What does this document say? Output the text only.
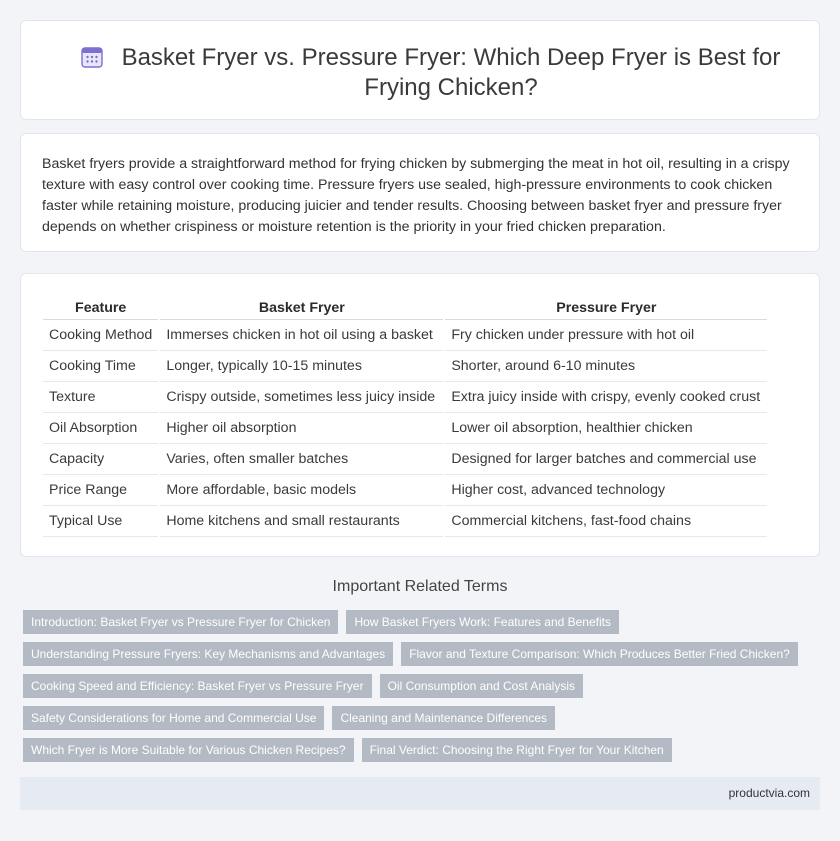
Basket Fryer vs. Pressure Fryer: Which Deep Fryer is Best for Frying Chicken?

Basket fryers provide a straightforward method for frying chicken by submerging the meat in hot oil, resulting in a crispy texture with easy control over cooking time. Pressure fryers use sealed, high-pressure environments to cook chicken faster while retaining moisture, producing juicier and tender results. Choosing between basket fryer and pressure fryer depends on whether crispiness or moisture retention is the priority in your fried chicken preparation.

Feature		Basket Fryer		Pressure Fryer
Cooking Method		Immerses chicken in hot oil using a basket		Fry chicken under pressure with hot oil
Cooking Time		Longer, typically 10-15 minutes		Shorter, around 6-10 minutes
Texture		Crispy outside, sometimes less juicy inside		Extra juicy inside with crispy, evenly cooked crust
Oil Absorption		Higher oil absorption		Lower oil absorption, healthier chicken
Capacity		Varies, often smaller batches		Designed for larger batches and commercial use
Price Range		More affordable, basic models		Higher cost, advanced technology
Typical Use		Home kitchens and small restaurants		Commercial kitchens, fast-food chains
Important Related Terms
Introduction: Basket Fryer vs Pressure Fryer for Chicken	How Basket Fryers Work: Features and Benefits
Understanding Pressure Fryers: Key Mechanisms and Advantages	Flavor and Texture Comparison: Which Produces Better Fried Chicken?
Cooking Speed and Efficiency: Basket Fryer vs Pressure Fryer	Oil Consumption and Cost Analysis
Safety Considerations for Home and Commercial Use	Cleaning and Maintenance Differences
Which Fryer is More Suitable for Various Chicken Recipes?	Final Verdict: Choosing the Right Fryer for Your Kitchen
productvia.com
